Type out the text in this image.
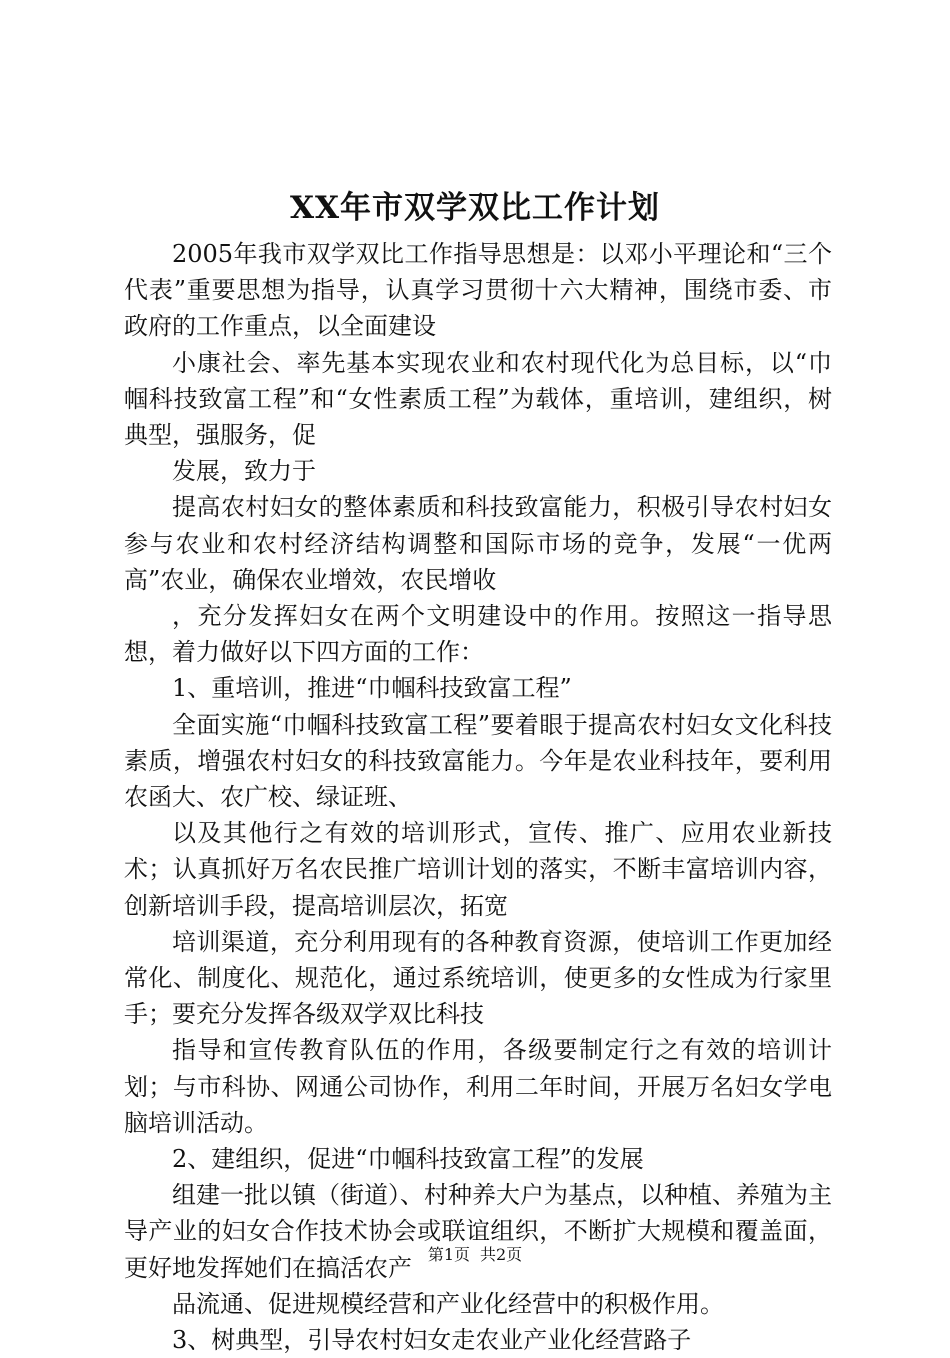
XX年市双学双比工作计划

2005年我市双学双比工作指导思想是：以邓小平理论和“三个代表”重要思想为指导，认真学习贯彻十六大精神，围绕市委、市政府的工作重点，以全面建设

小康社会、率先基本实现农业和农村现代化为总目标，以“巾帼科技致富工程”和“女性素质工程”为载体，重培训，建组织，树典型，强服务，促

发展，致力于

提高农村妇女的整体素质和科技致富能力，积极引导农村妇女参与农业和农村经济结构调整和国际市场的竞争，发展“一优两高”农业，确保农业增效，农民增收

，充分发挥妇女在两个文明建设中的作用。按照这一指导思想，着力做好以下四方面的工作：

1、重培训，推进“巾帼科技致富工程”

全面实施“巾帼科技致富工程”要着眼于提高农村妇女文化科技素质，增强农村妇女的科技致富能力。今年是农业科技年，要利用农函大、农广校、绿证班、

以及其他行之有效的培训形式，宣传、推广、应用农业新技术；认真抓好万名农民推广培训计划的落实，不断丰富培训内容，创新培训手段，提高培训层次，拓宽

培训渠道，充分利用现有的各种教育资源，使培训工作更加经常化、制度化、规范化，通过系统培训，使更多的女性成为行家里手；要充分发挥各级双学双比科技

指导和宣传教育队伍的作用，各级要制定行之有效的培训计划；与市科协、网通公司协作，利用二年时间，开展万名妇女学电脑培训活动。

2、建组织，促进“巾帼科技致富工程”的发展

组建一批以镇（街道）、村种养大户为基点，以种植、养殖为主导产业的妇女合作技术协会或联谊组织，不断扩大规模和覆盖面，更好地发挥她们在搞活农产

品流通、促进规模经营和产业化经营中的积极作用。

3、树典型，引导农村妇女走农业产业化经营路子

第1页 共2页
